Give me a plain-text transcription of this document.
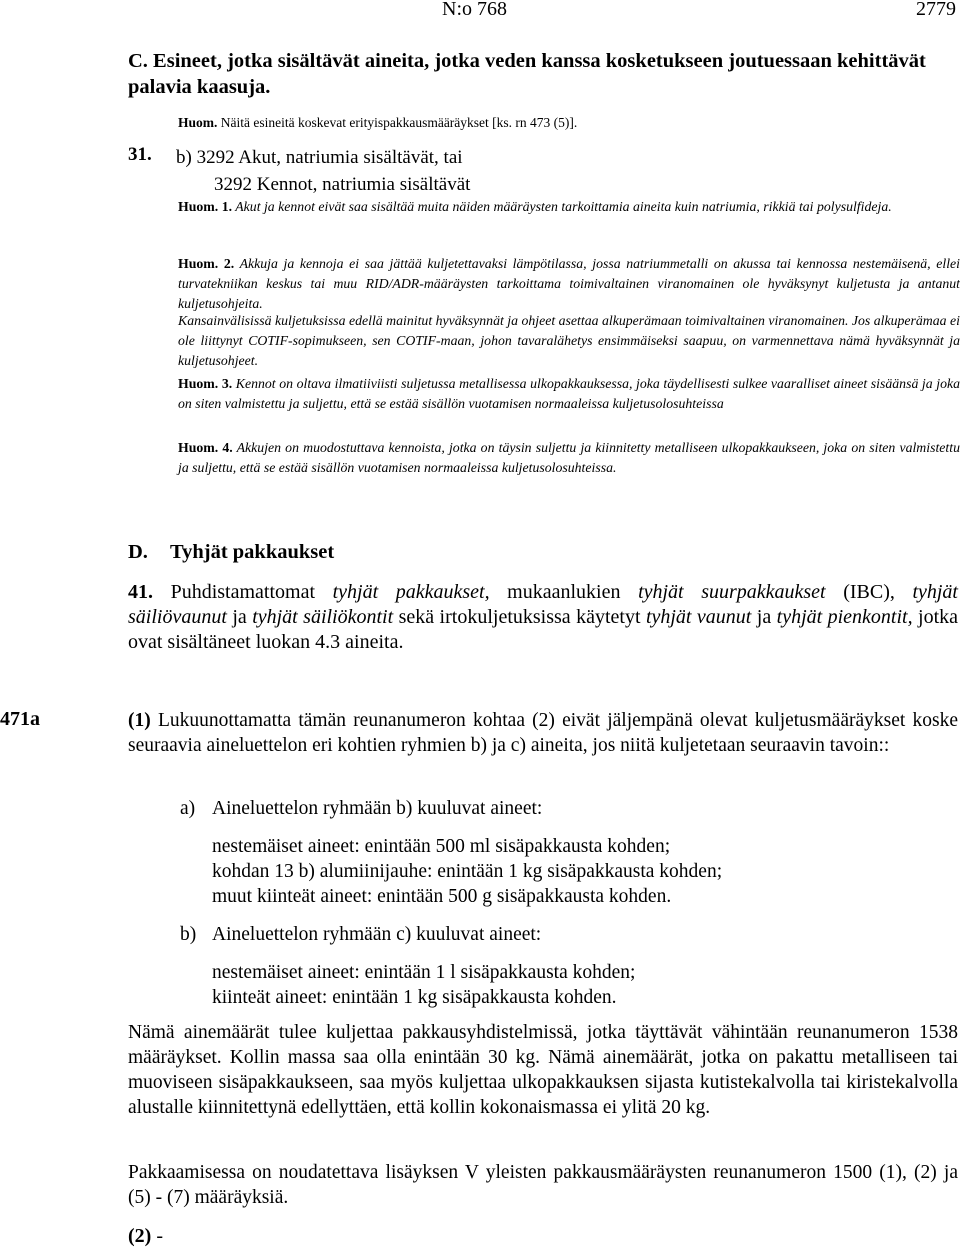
N:o 768	2779
C. Esineet, jotka sisältävät aineita, jotka veden kanssa kosketukseen joutuessaan kehittävät palavia kaasuja.
Huom. Näitä esineitä koskevat erityispakkausmääräykset [ks. rn 473 (5)].
31. b) 3292 Akut, natriumia sisältävät, tai
3292 Kennot, natriumia sisältävät

Huom. 1. Akut ja kennot eivät saa sisältää muita näiden määräysten tarkoittamia aineita kuin natriumia, rikkiä tai polysulfideja.

Huom. 2. Akkuja ja kennoja ei saa jättää kuljetettavaksi lämpötilassa, jossa natriummetalli on akussa tai kennossa nestemäisenä, ellei turvatekniikan keskus tai muu RID/ADR-määräysten tarkoittama toimivaltainen viranomainen ole hyväksynyt kuljetusta ja antanut kuljetusohjeita.

Kansainvälisissä kuljetuksissa edellä mainitut hyväksynnät ja ohjeet asettaa alkuperämaan toimivaltainen viranomainen. Jos alkuperämaa ei ole liittynyt COTIF-sopimukseen, sen COTIF-maan, johon tavaralähetys ensimmäiseksi saapuu, on varmennettava nämä hyväksynnät ja kuljetusohjeet.

Huom. 3. Kennot on oltava ilmatiiviisti suljetussa metallisessa ulkopakkauksessa, joka täydellisesti sulkee vaaralliset aineet sisäänsä ja joka on siten valmistettu ja suljettu, että se estää sisällön vuotamisen normaaleissa kuljetusolosuhteissa

Huom. 4. Akkujen on muodostuttava kennoista, jotka on täysin suljettu ja kiinnitetty metalliseen ulkopakkaukseen, joka on siten valmistettu ja suljettu, että se estää sisällön vuotamisen normaaleissa kuljetusolosuhteissa.

D. Tyhjät pakkaukset
41. Puhdistamattomat tyhjät pakkaukset, mukaanlukien tyhjät suurpakkaukset (IBC), tyhjät säiliövaunut ja tyhjät säiliökontit sekä irtokuljetuksissa käytetyt tyhjät vaunut ja tyhjät pienkontit, jotka ovat sisältäneet luokan 4.3 aineita.
471a	(1) Lukuunottamatta tämän reunanumeron kohtaa (2) eivät jäljempänä olevat kuljetusmääräykset koske seuraavia aineluettelon eri kohtien ryhmien b) ja c) aineita, jos niitä kuljetetaan seuraavin tavoin::
a) Aineluettelon ryhmään b) kuuluvat aineet:
nestemäiset aineet: enintään 500 ml sisäpakkausta kohden;
kohdan 13 b) alumiinijauhe: enintään 1 kg sisäpakkausta kohden;
muut kiinteät aineet: enintään 500 g sisäpakkausta kohden.
b) Aineluettelon ryhmään c) kuuluvat aineet:
nestemäiset aineet: enintään 1 l sisäpakkausta kohden;
kiinteät aineet: enintään 1 kg sisäpakkausta kohden.
Nämä ainemäärät tulee kuljettaa pakkausyhdistelmissä, jotka täyttävät vähintään reunanumeron 1538 määräykset. Kollin massa saa olla enintään 30 kg. Nämä ainemäärät, jotka on pakattu metalliseen tai muoviseen sisäpakkaukseen, saa myös kuljettaa ulkopakkauksen sijasta kutistekalvolla tai kiristekalvolla alustalle kiinnitettynä edellyttäen, että kollin kokonaismassa ei ylitä 20 kg.
Pakkaamisessa on noudatettava lisäyksen V yleisten pakkausmääräysten reunanumeron 1500 (1), (2) ja (5) - (7) määräyksiä.
(2) -
